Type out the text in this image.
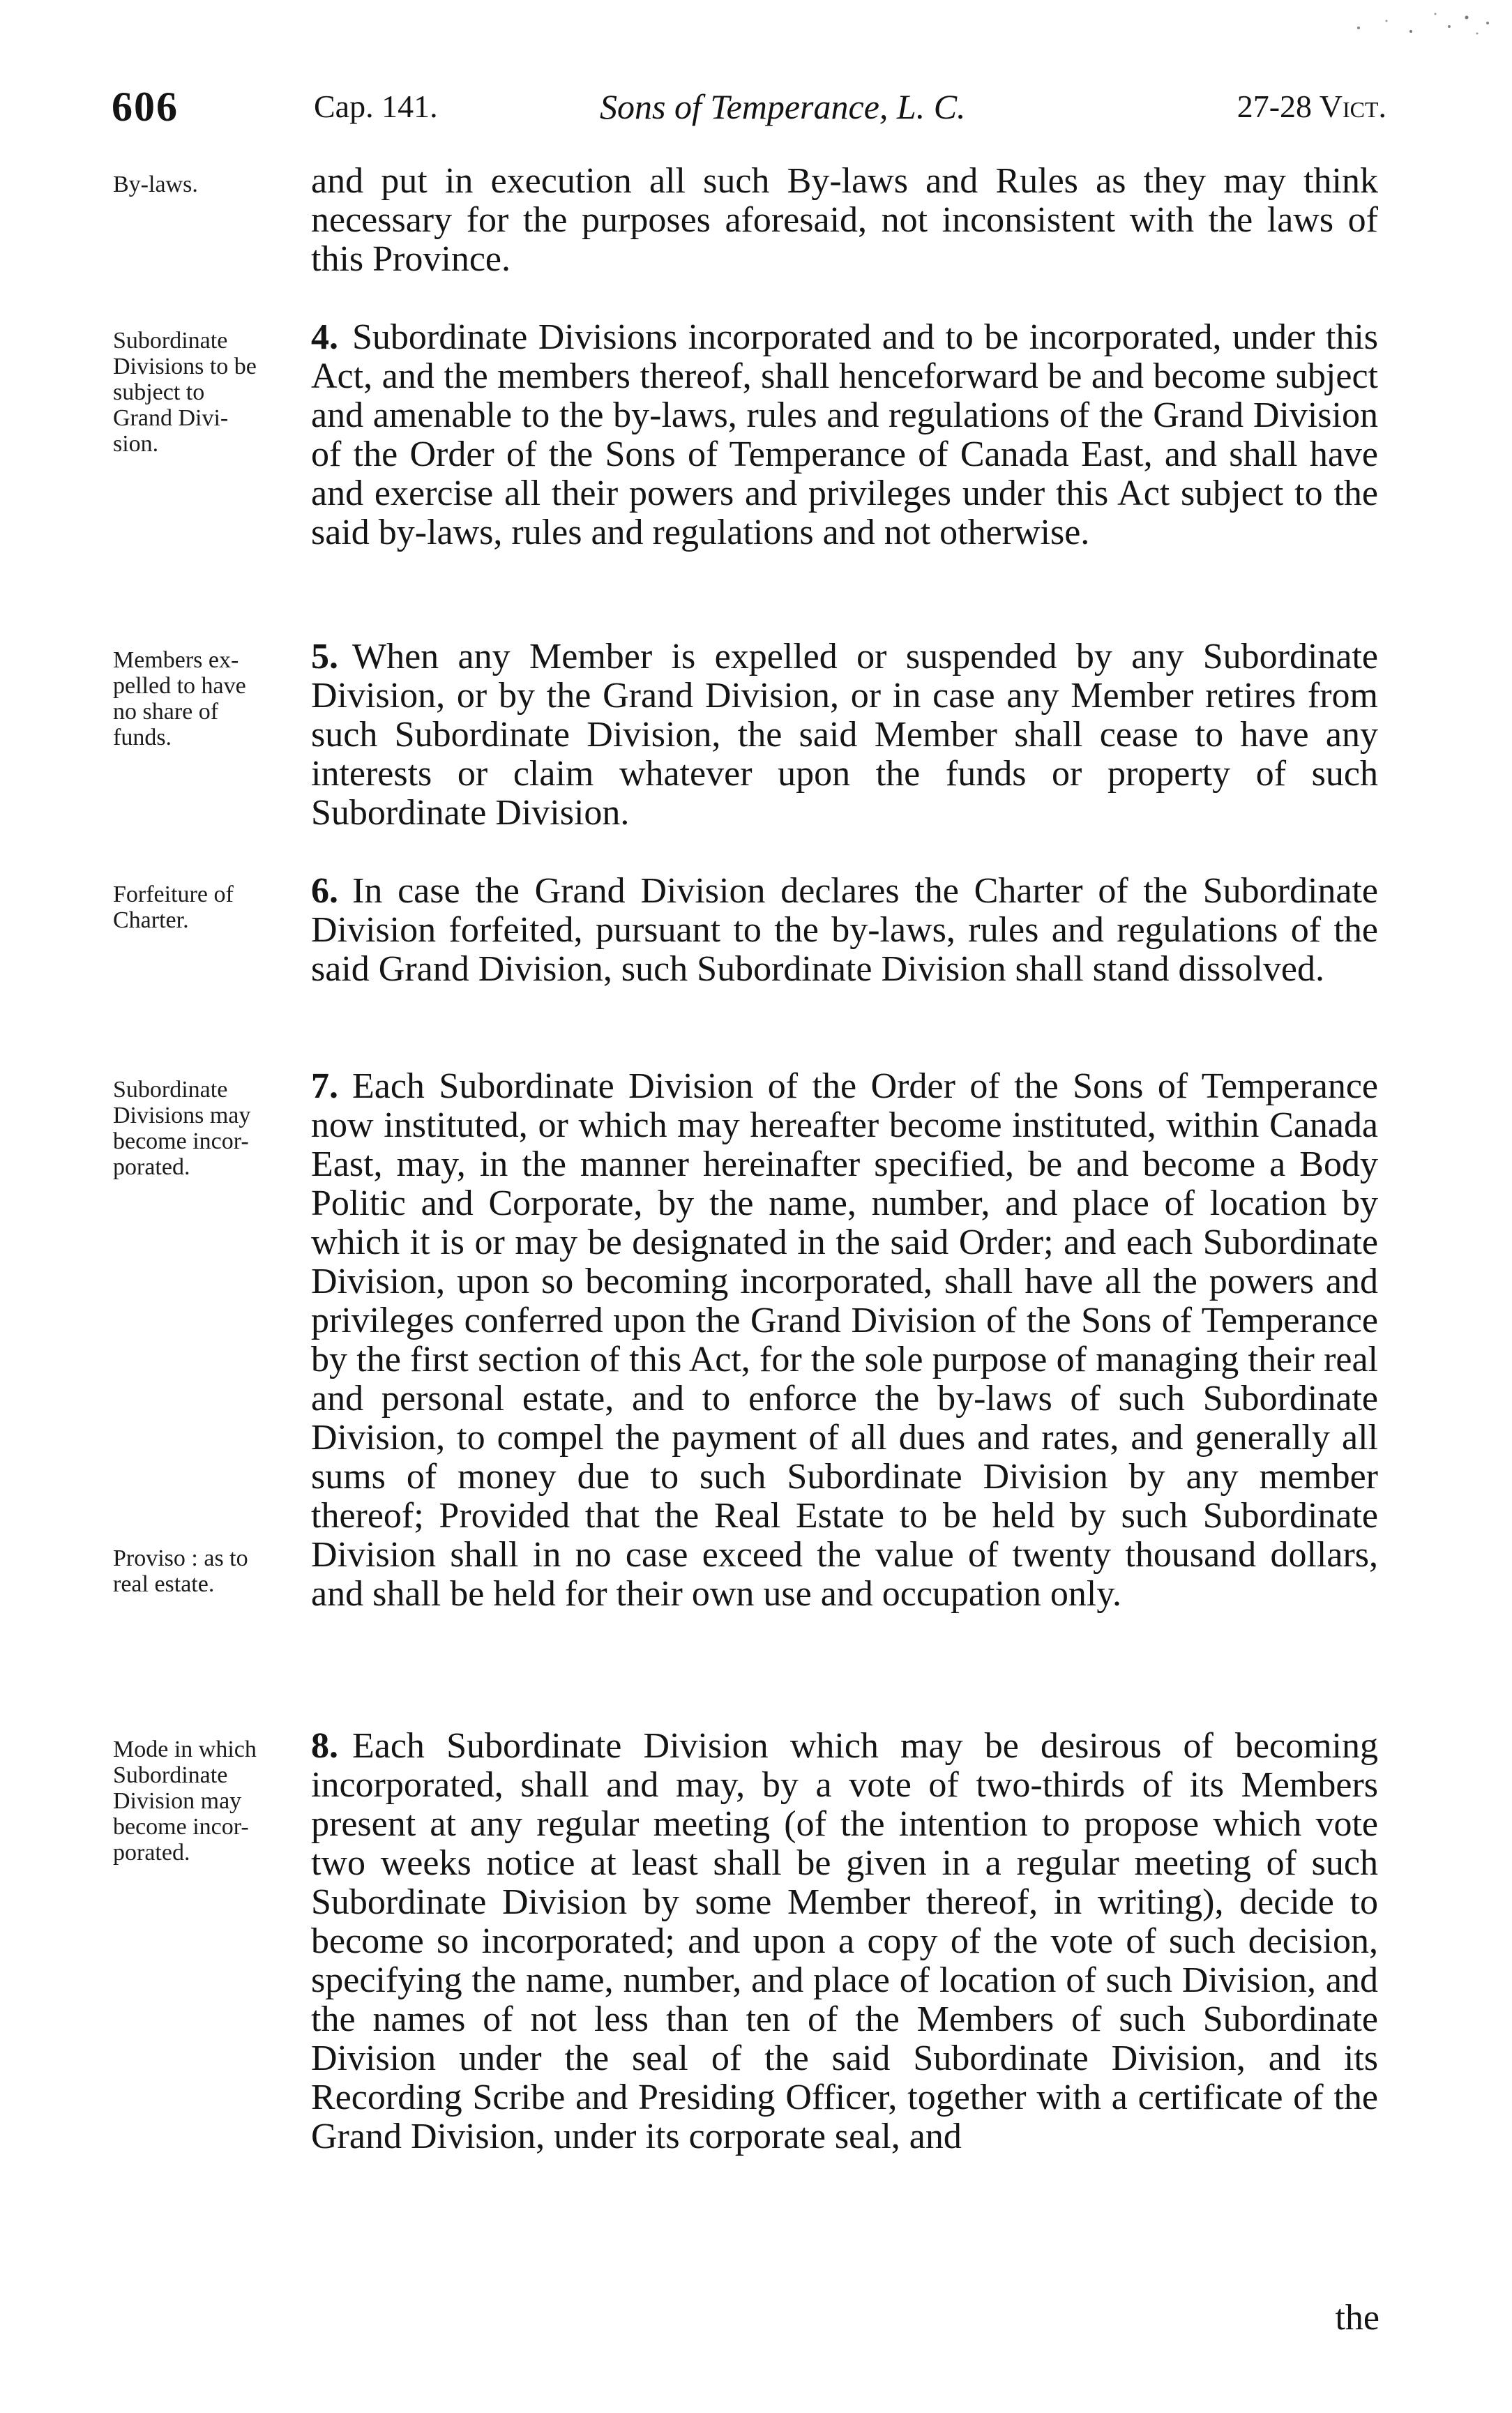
606	Cap. 141.	Sons of Temperance, L. C.	27-28 Vict.
By-laws.	and put in execution all such By-laws and Rules as they may think necessary for the purposes aforesaid, not inconsistent with the laws of this Province.
Subordinate
Divisions to be
subject to
Grand Divi-
sion.
4. Subordinate Divisions incorporated and to be incorporated, under this Act, and the members thereof, shall henceforward be and become subject and amenable to the by-laws, rules and regulations of the Grand Division of the Order of the Sons of Temperance of Canada East, and shall have and exercise all their powers and privileges under this Act subject to the said by-laws, rules and regulations and not otherwise.
Members ex-
pelled to have
no share of
funds.
5. When any Member is expelled or suspended by any Subordinate Division, or by the Grand Division, or in case any Member retires from such Subordinate Division, the said Member shall cease to have any interests or claim whatever upon the funds or property of such Subordinate Division.
Forfeiture of
Charter.
6. In case the Grand Division declares the Charter of the Subordinate Division forfeited, pursuant to the by-laws, rules and regulations of the said Grand Division, such Subordinate Division shall stand dissolved.
Subordinate
Divisions may
become incor-
porated.
Proviso : as to
real estate.
7. Each Subordinate Division of the Order of the Sons of Temperance now instituted, or which may hereafter become instituted, within Canada East, may, in the manner hereinafter specified, be and become a Body Politic and Corporate, by the name, number, and place of location by which it is or may be designated in the said Order; and each Subordinate Division, upon so becoming incorporated, shall have all the powers and privileges conferred upon the Grand Division of the Sons of Temperance by the first section of this Act, for the sole purpose of managing their real and personal estate, and to enforce the by-laws of such Subordinate Division, to compel the payment of all dues and rates, and generally all sums of money due to such Subordinate Division by any member thereof; Provided that the Real Estate to be held by such Subordinate Division shall in no case exceed the value of twenty thousand dollars, and shall be held for their own use and occupation only.
Mode in which
Subordinate
Division may
become incor-
porated.
8. Each Subordinate Division which may be desirous of becoming incorporated, shall and may, by a vote of two-thirds of its Members present at any regular meeting (of the intention to propose which vote two weeks notice at least shall be given in a regular meeting of such Subordinate Division by some Member thereof, in writing), decide to become so incorporated; and upon a copy of the vote of such decision, specifying the name, number, and place of location of such Division, and the names of not less than ten of the Members of such Subordinate Division under the seal of the said Subordinate Division, and its Recording Scribe and Presiding Officer, together with a certificate of the Grand Division, under its corporate seal, and
the
